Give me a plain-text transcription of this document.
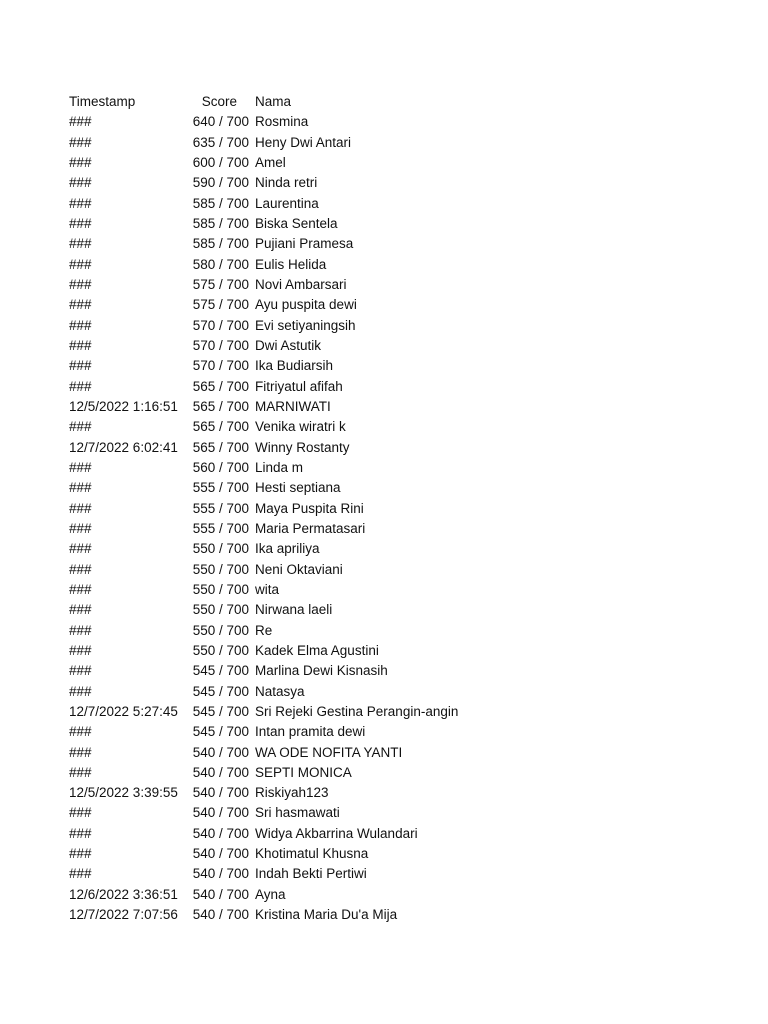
Timestamp	Score	Nama
###	640 / 700 Rosmina
###	635 / 700 Heny Dwi Antari
###	600 / 700 Amel
###	590 / 700 Ninda retri
###	585 / 700 Laurentina
###	585 / 700 Biska Sentela
###	585 / 700 Pujiani Pramesa
###	580 / 700 Eulis Helida
###	575 / 700 Novi Ambarsari
###	575 / 700 Ayu puspita dewi
###	570 / 700 Evi setiyaningsih
###	570 / 700 Dwi Astutik
###	570 / 700 Ika Budiarsih
###	565 / 700 Fitriyatul afifah
12/5/2022 1:16:51	565 / 700 MARNIWATI
###	565 / 700 Venika wiratri k
12/7/2022 6:02:41	565 / 700 Winny Rostanty
###	560 / 700 Linda m
###	555 / 700 Hesti septiana
###	555 / 700 Maya Puspita Rini
###	555 / 700 Maria Permatasari
###	550 / 700 Ika apriliya
###	550 / 700 Neni Oktaviani
###	550 / 700 wita
###	550 / 700 Nirwana laeli
###	550 / 700 Re
###	550 / 700 Kadek Elma Agustini
###	545 / 700 Marlina Dewi Kisnasih
###	545 / 700 Natasya
12/7/2022 5:27:45	545 / 700 Sri Rejeki Gestina Perangin-angin
###	545 / 700 Intan pramita dewi
###	540 / 700 WA ODE NOFITA YANTI
###	540 / 700 SEPTI MONICA
12/5/2022 3:39:55	540 / 700 Riskiyah123
###	540 / 700 Sri hasmawati
###	540 / 700 Widya Akbarrina Wulandari
###	540 / 700 Khotimatul Khusna
###	540 / 700 Indah Bekti Pertiwi
12/6/2022 3:36:51	540 / 700 Ayna
12/7/2022 7:07:56	540 / 700 Kristina Maria Du'a Mija
